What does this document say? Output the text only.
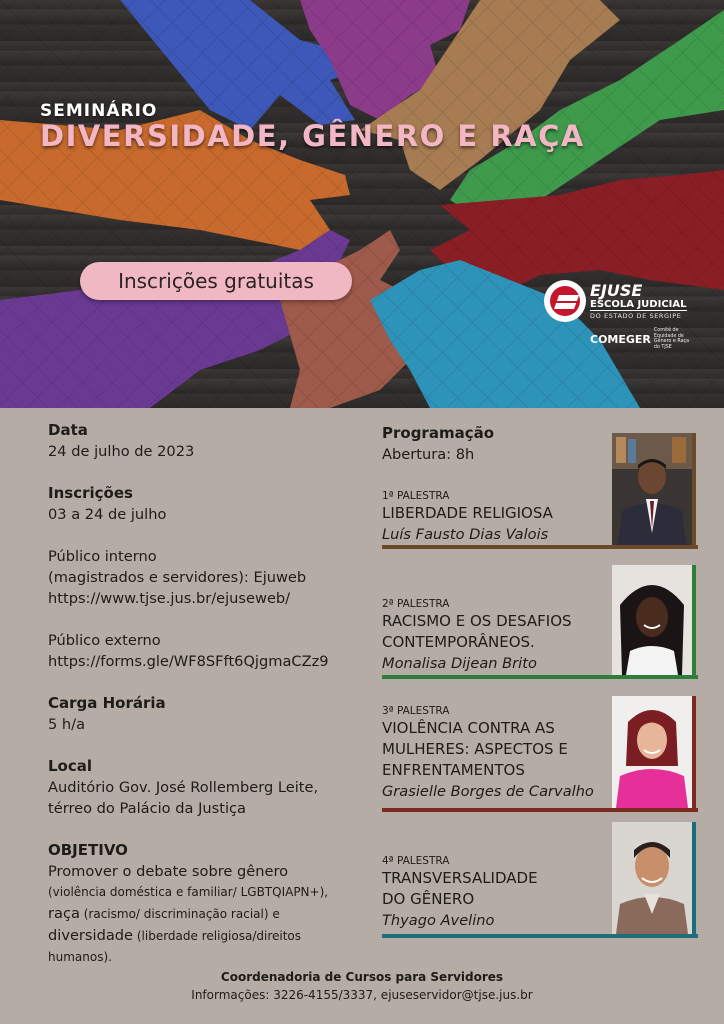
SEMINÁRIO
DIVERSIDADE, GÊNERO E RAÇA
Inscrições gratuitas	EJUSE
ESCOLA JUDICIAL
DO ESTADO DE SERGIPE
COMEGER
Comitê de Equidade de Gênero e Raça do TJSE
Data
24 de julho de 2023
Inscrições
03 a 24 de julho
Público interno
(magistrados e servidores): Ejuweb
https://www.tjse.jus.br/ejuseweb/
Público externo
https://forms.gle/WF8SFft6QjgmaCZz9
Carga Horária
5 h/a
Local
Auditório Gov. José Rollemberg Leite,
térreo do Palácio da Justiça
OBJETIVO
Promover o debate sobre gênero
(violência doméstica e familiar/ LGBTQIAPN+),
raça (racismo/ discriminação racial) e
diversidade (liberdade religiosa/direitos
humanos).
Programação
Abertura: 8h
1ª PALESTRA
LIBERDADE RELIGIOSA
Luís Fausto Dias Valois
2ª PALESTRA
RACISMO E OS DESAFIOS
CONTEMPORÂNEOS.
Monalisa Dijean Brito
3ª PALESTRA
VIOLÊNCIA CONTRA AS
MULHERES: ASPECTOS E
ENFRENTAMENTOS
Grasielle Borges de Carvalho
4ª PALESTRA
TRANSVERSALIDADE
DO GÊNERO
Thyago Avelino
Coordenadoria de Cursos para Servidores
Informações: 3226-4155/3337, ejuseservidor@tjse.jus.br
